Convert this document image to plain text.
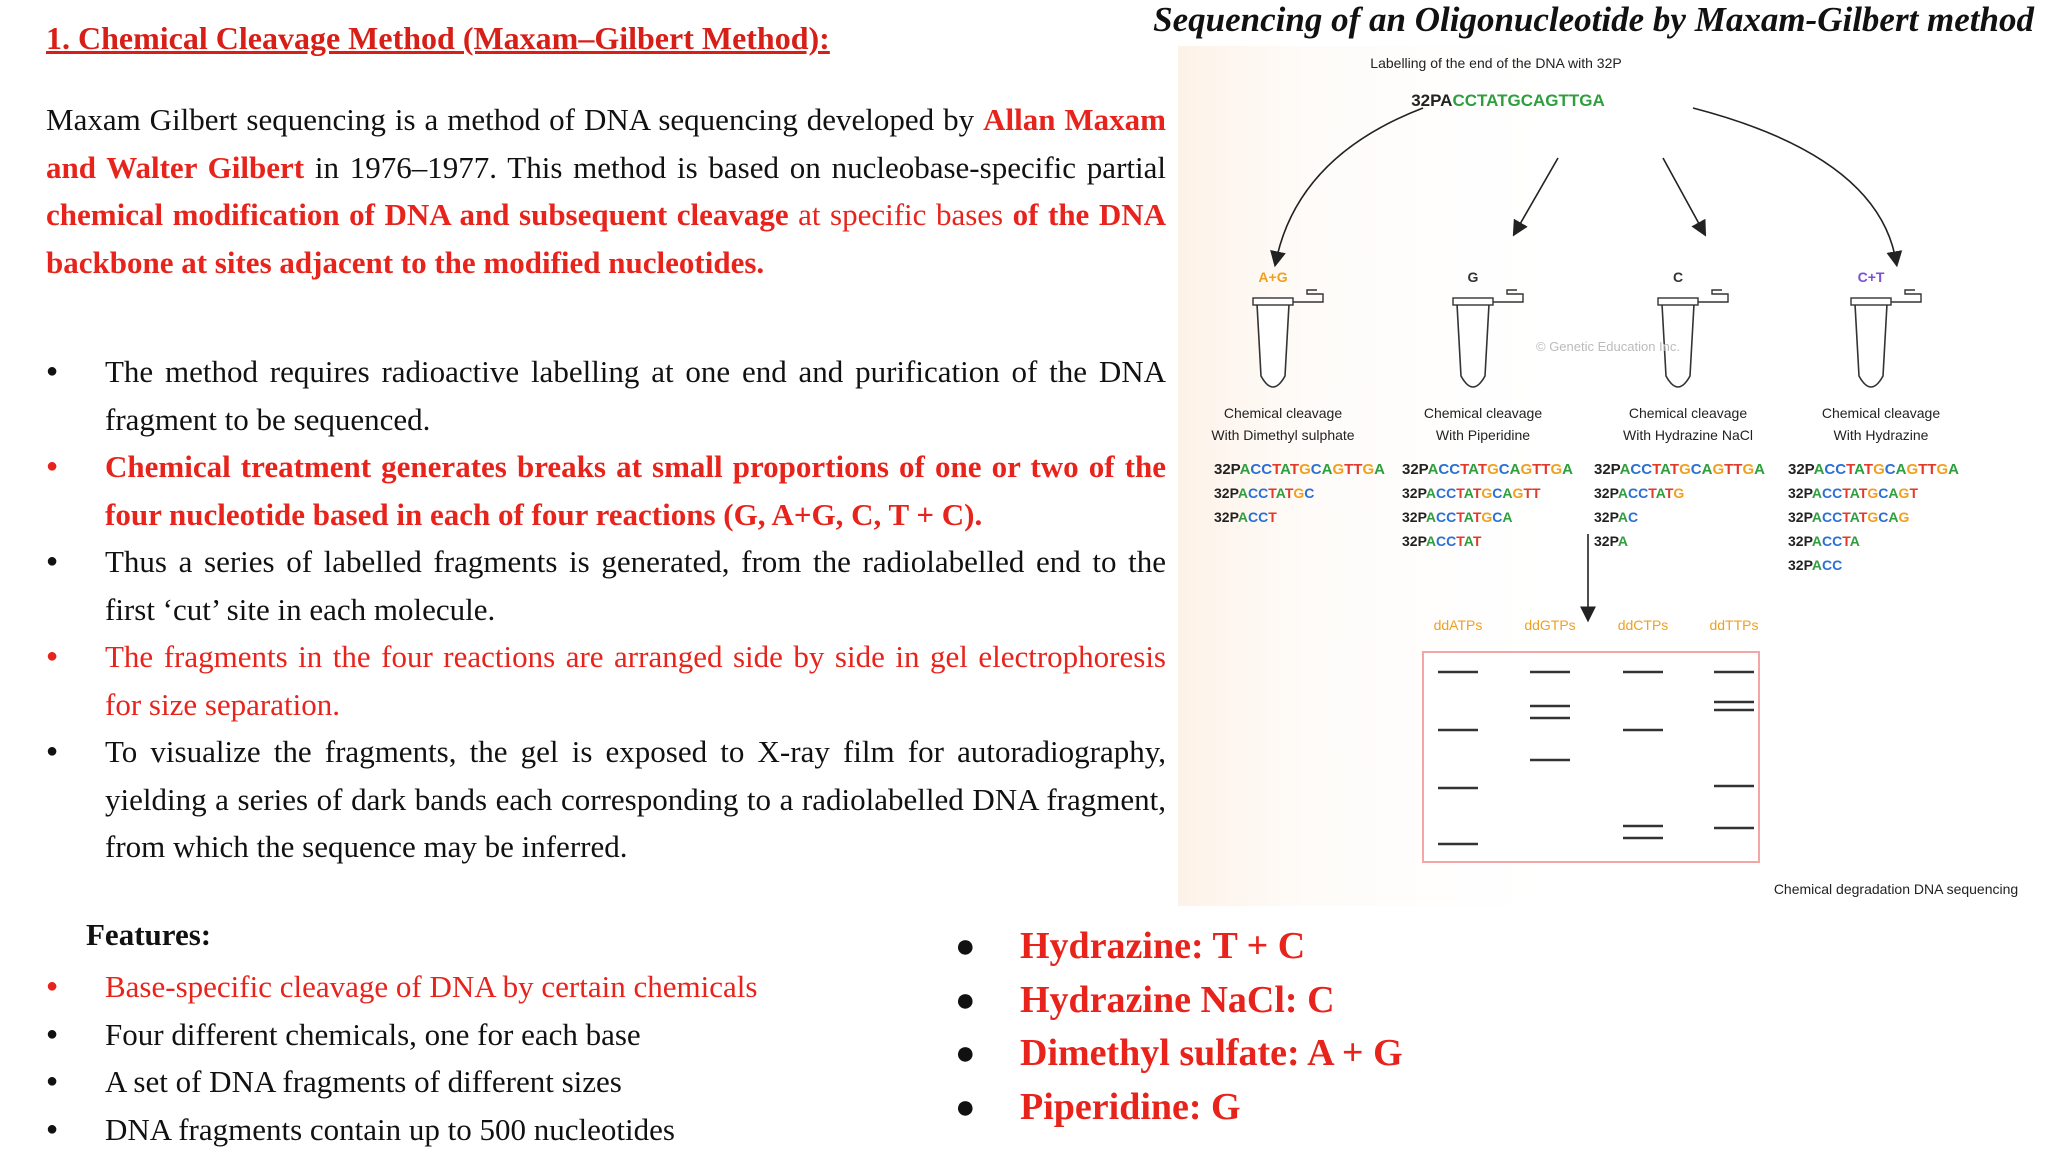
1. Chemical Cleavage Method (Maxam–Gilbert Method):	Sequencing of an Oligonucleotide by Maxam-Gilbert method
Maxam Gilbert sequencing is a method of DNA sequencing developed by Allan Maxam and Walter Gilbert in 1976–1977. This method is based on nucleobase-specific partial chemical modification of DNA and subsequent cleavage at specific bases of the DNA backbone at sites adjacent to the modified nucleotides.
● The method requires radioactive labelling at one end and purification of the DNA fragment to be sequenced.
● Chemical treatment generates breaks at small proportions of one or two of the four nucleotide based in each of four reactions (G, A+G, C, T + C).
● Thus a series of labelled fragments is generated, from the radiolabelled end to the first ‘cut’ site in each molecule.
● The fragments in the four reactions are arranged side by side in gel electrophoresis for size separation.
● To visualize the fragments, the gel is exposed to X-ray film for autoradiography, yielding a series of dark bands each corresponding to a radiolabelled DNA fragment, from which the sequence may be inferred.
Features:
● Base-specific cleavage of DNA by certain chemicals
● Four different chemicals, one for each base
● A set of DNA fragments of different sizes
● DNA fragments contain up to 500 nucleotides
● Hydrazine: T + C
● Hydrazine NaCl: C
● Dimethyl sulfate: A + G
● Piperidine: G
Labelling of the end of the DNA with 32P
32PACCTATGCAGTTGA
A+G
Chemical cleavage
With Dimethyl sulphate
32PACCTATGCAGTTGA
32PACCTATGC
32PACCT
G
Chemical cleavage
With Piperidine
32PACCTATGCAGTTGA
32PACCTATGCAGTT
32PACCTATGCA
32PACCTAT
C
Chemical cleavage
With Hydrazine NaCl
32PACCTATGCAGTTGA
32PACCTATG
32PAC
32PA
C+T
Chemical cleavage
With Hydrazine
32PACCTATGCAGTTGA
32PACCTATGCAGT
32PACCTATGCAG
32PACCTA
32PACC
© Genetic Education Inc.
ddATPs	ddGTPs	ddCTPs	ddTTPs
Chemical degradation DNA sequencing
